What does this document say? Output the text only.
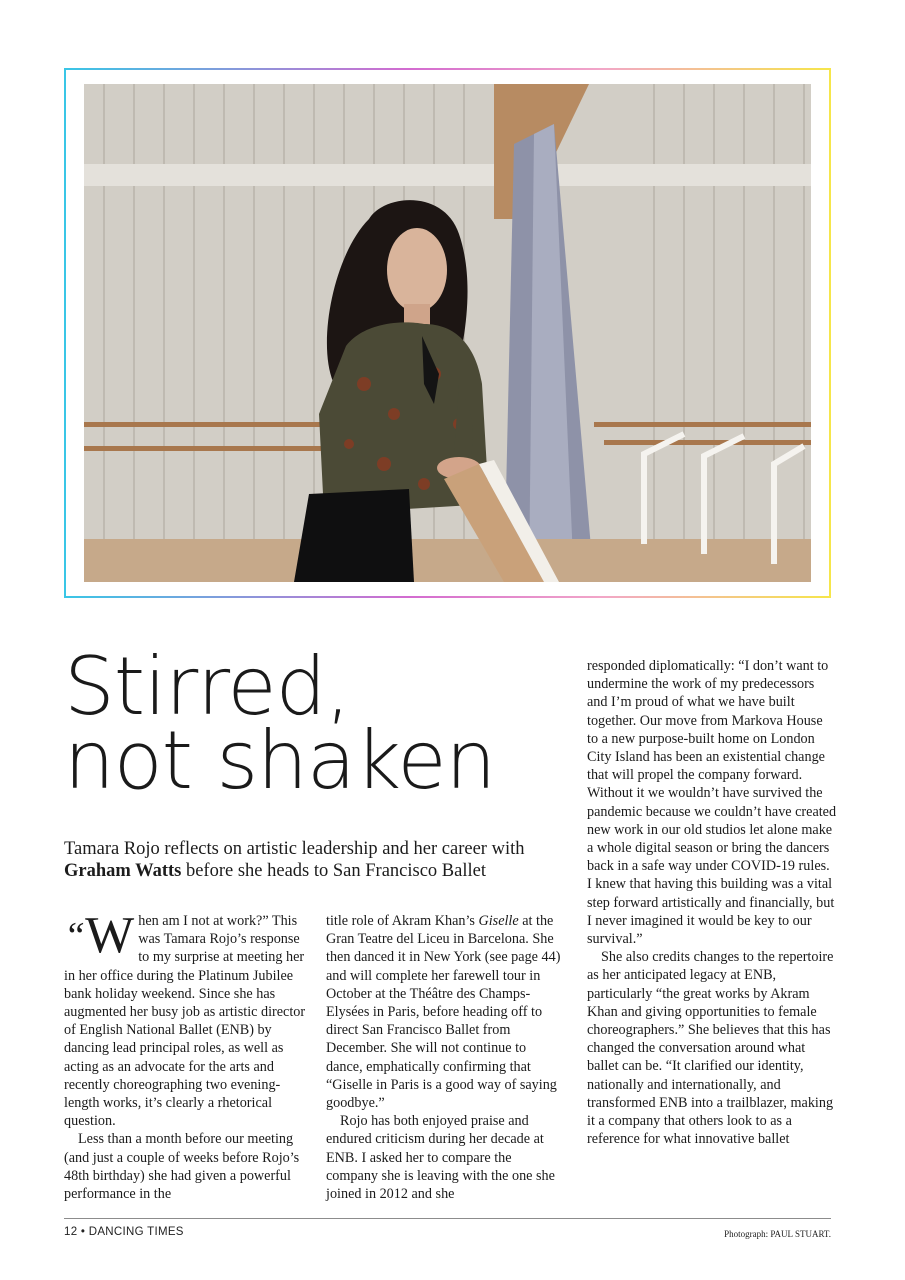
Stirred,
not shaken

Tamara Rojo reflects on artistic leadership and her career with Graham Watts before she heads to San Francisco Ballet

“W hen am I not at work?” This was Tamara Rojo’s response to my surprise at meeting her in her office during the Platinum Jubilee bank holiday weekend. Since she has augmented her busy job as artistic director of English National Ballet (ENB) by dancing lead principal roles, as well as acting as an advocate for the arts and recently choreographing two evening-length works, it’s clearly a rhetorical question.

Less than a month before our meeting (and just a couple of weeks before Rojo’s 48th birthday) she had given a powerful performance in the

title role of Akram Khan’s Giselle at the Gran Teatre del Liceu in Barcelona. She then danced it in New York (see page 44) and will complete her farewell tour in October at the Théâtre des Champs-Elysées in Paris, before heading off to direct San Francisco Ballet from December. She will not continue to dance, emphatically confirming that “Giselle in Paris is a good way of saying goodbye.”

Rojo has both enjoyed praise and endured criticism during her decade at ENB. I asked her to compare the company she is leaving with the one she joined in 2012 and she

responded diplomatically: “I don’t want to undermine the work of my predecessors and I’m proud of what we have built together. Our move from Markova House to a new purpose-built home on London City Island has been an existential change that will propel the company forward. Without it we wouldn’t have survived the pandemic because we couldn’t have created new work in our old studios let alone make a whole digital season or bring the dancers back in a safe way under COVID-19 rules. I knew that having this building was a vital step forward artistically and financially, but I never imagined it would be key to our survival.”

She also credits changes to the repertoire as her anticipated legacy at ENB, particularly “the great works by Akram Khan and giving opportunities to female choreographers.” She believes that this has changed the conversation around what ballet can be. “It clarified our identity, nationally and internationally, and transformed ENB into a trailblazer, making it a company that others look to as a reference for what innovative ballet

12 • DANCING TIMES	Photograph: PAUL STUART.
